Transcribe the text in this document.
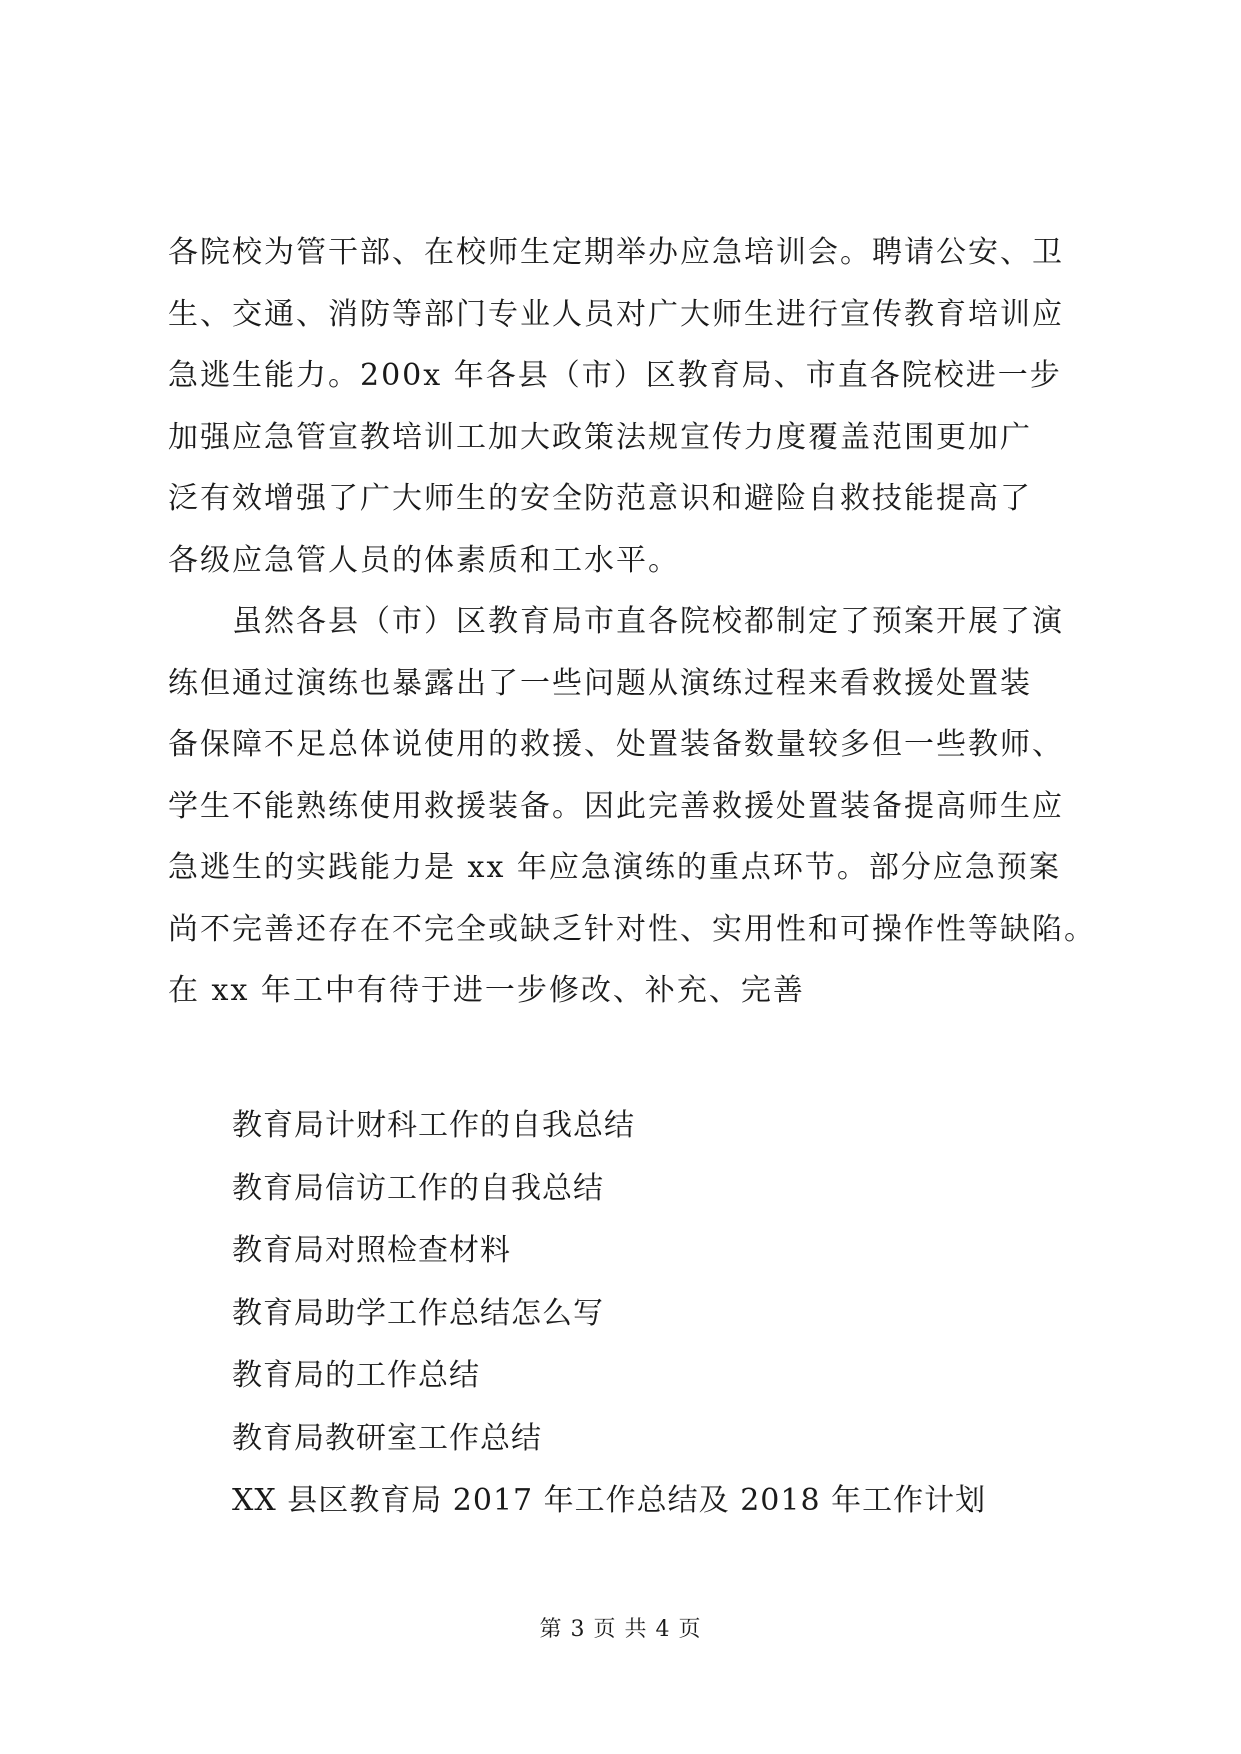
各院校为管干部、在校师生定期举办应急培训会。聘请公安、卫
生、交通、消防等部门专业人员对广大师生进行宣传教育培训应
急逃生能力。200x 年各县（市）区教育局、市直各院校进一步
加强应急管宣教培训工加大政策法规宣传力度覆盖范围更加广
泛有效增强了广大师生的安全防范意识和避险自救技能提高了
各级应急管人员的体素质和工水平。

虽然各县（市）区教育局市直各院校都制定了预案开展了演
练但通过演练也暴露出了一些问题从演练过程来看救援处置装
备保障不足总体说使用的救援、处置装备数量较多但一些教师、
学生不能熟练使用救援装备。因此完善救援处置装备提高师生应
急逃生的实践能力是 xx 年应急演练的重点环节。部分应急预案
尚不完善还存在不完全或缺乏针对性、实用性和可操作性等缺陷。
在 xx 年工中有待于进一步修改、补充、完善

教育局计财科工作的自我总结
教育局信访工作的自我总结
教育局对照检查材料
教育局助学工作总结怎么写
教育局的工作总结
教育局教研室工作总结
XX 县区教育局 2017 年工作总结及 2018 年工作计划
第 3 页 共 4 页
